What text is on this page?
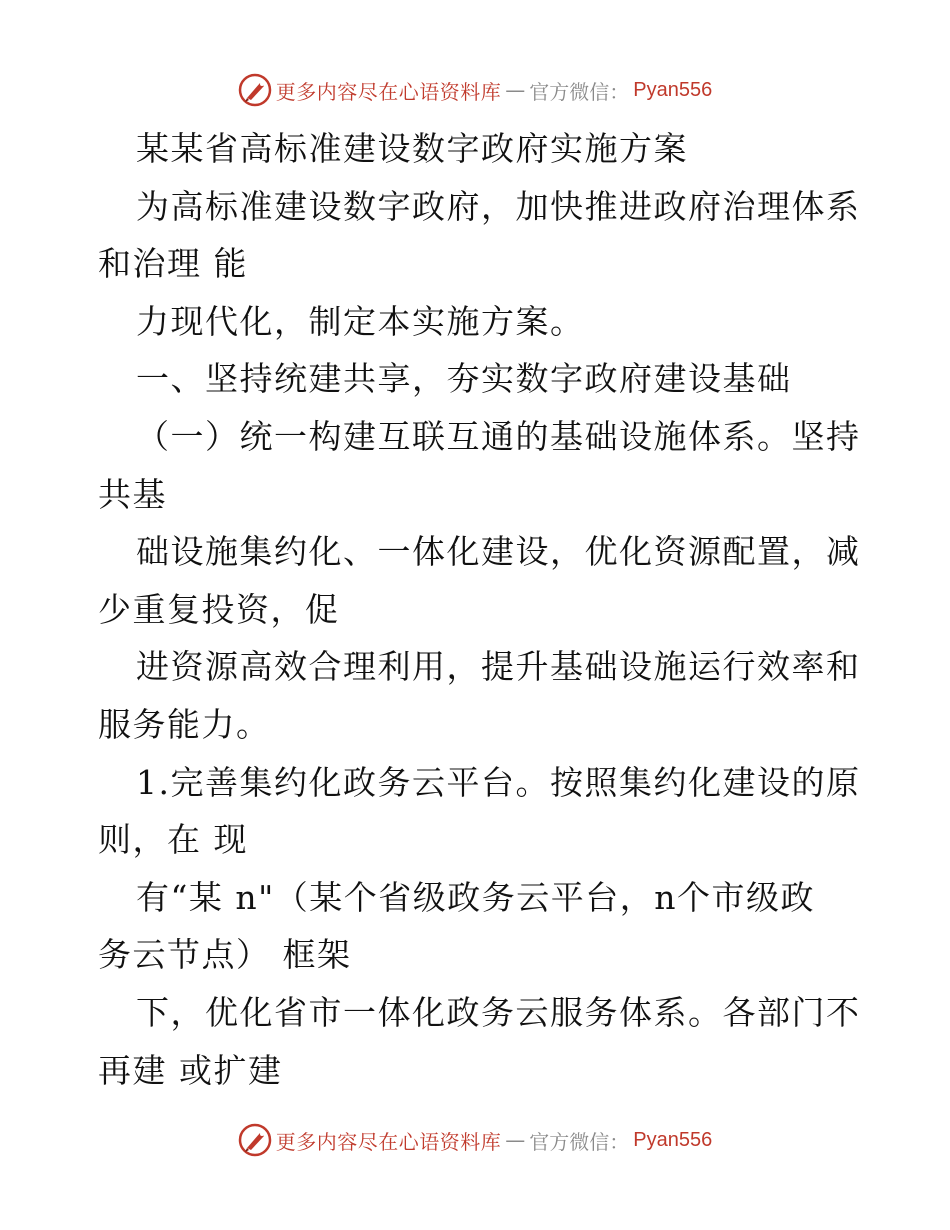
更多内容尽在心语资料库 — 官方微信： Pyan556
某某省高标准建设数字政府实施方案
为高标准建设数字政府，加快推进政府治理体系
和治理 能
力现代化，制定本实施方案。
一、坚持统建共享，夯实数字政府建设基础
（一）统一构建互联互通的基础设施体系。坚持
共基
础设施集约化、一体化建设，优化资源配置，减
少重复投资，促
进资源高效合理利用，提升基础设施运行效率和
服务能力。
1.完善集约化政务云平台。按照集约化建设的原
则，在 现
有“某 n"（某个省级政务云平台，n个市级政
务云节点） 框架
下，优化省市一体化政务云服务体系。各部门不
再建 或扩建
更多内容尽在心语资料库 — 官方微信： Pyan556
